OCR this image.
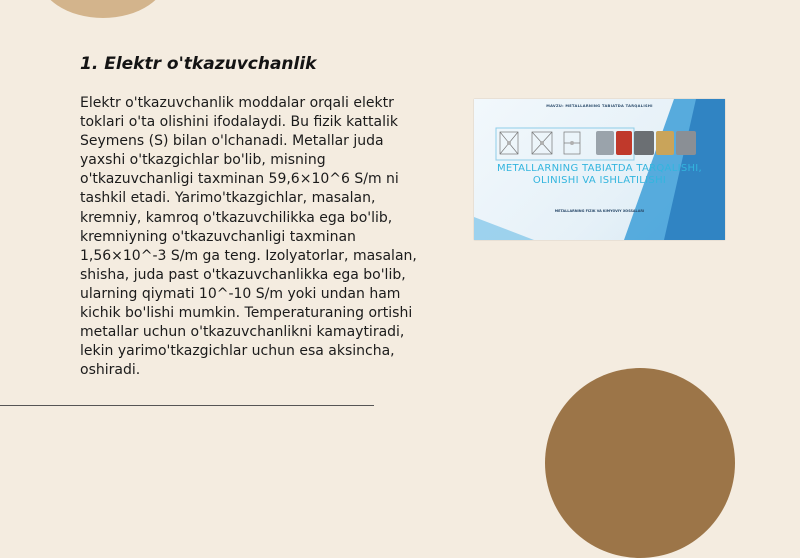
1. Elektr o'tkazuvchanlik

Elektr o'tkazuvchanlik moddalar orqali elektr toklari o'ta olishini ifodalaydi. Bu fizik kattalik Seymens (S) bilan o'lchanadi. Metallar juda yaxshi o'tkazgichlar bo'lib, misning o'tkazuvchanligi taxminan 59,6×10^6 S/m ni tashkil etadi. Yarimo'tkazgichlar, masalan, kremniy, kamroq o'tkazuvchilikka ega bo'lib, kremniyning o'tkazuvchanligi taxminan 1,56×10^-3 S/m ga teng. Izolyatorlar, masalan, shisha, juda past o'tkazuvchanlikka ega bo'lib, ularning qiymati 10^-10 S/m yoki undan ham kichik bo'lishi mumkin. Temperaturaning ortishi metallar uchun o'tkazuvchanlikni kamaytiradi, lekin yarimo'tkazgichlar uchun esa aksincha, oshiradi.

MAVZU: METALLARNING TABIATDA TARQALISHI
METALLARNING TABIATDA TARQALISHI, OLINISHI VA ISHLATILISHI
METALLARNING FIZIK VA KIMYOVIY XOSSALARI
